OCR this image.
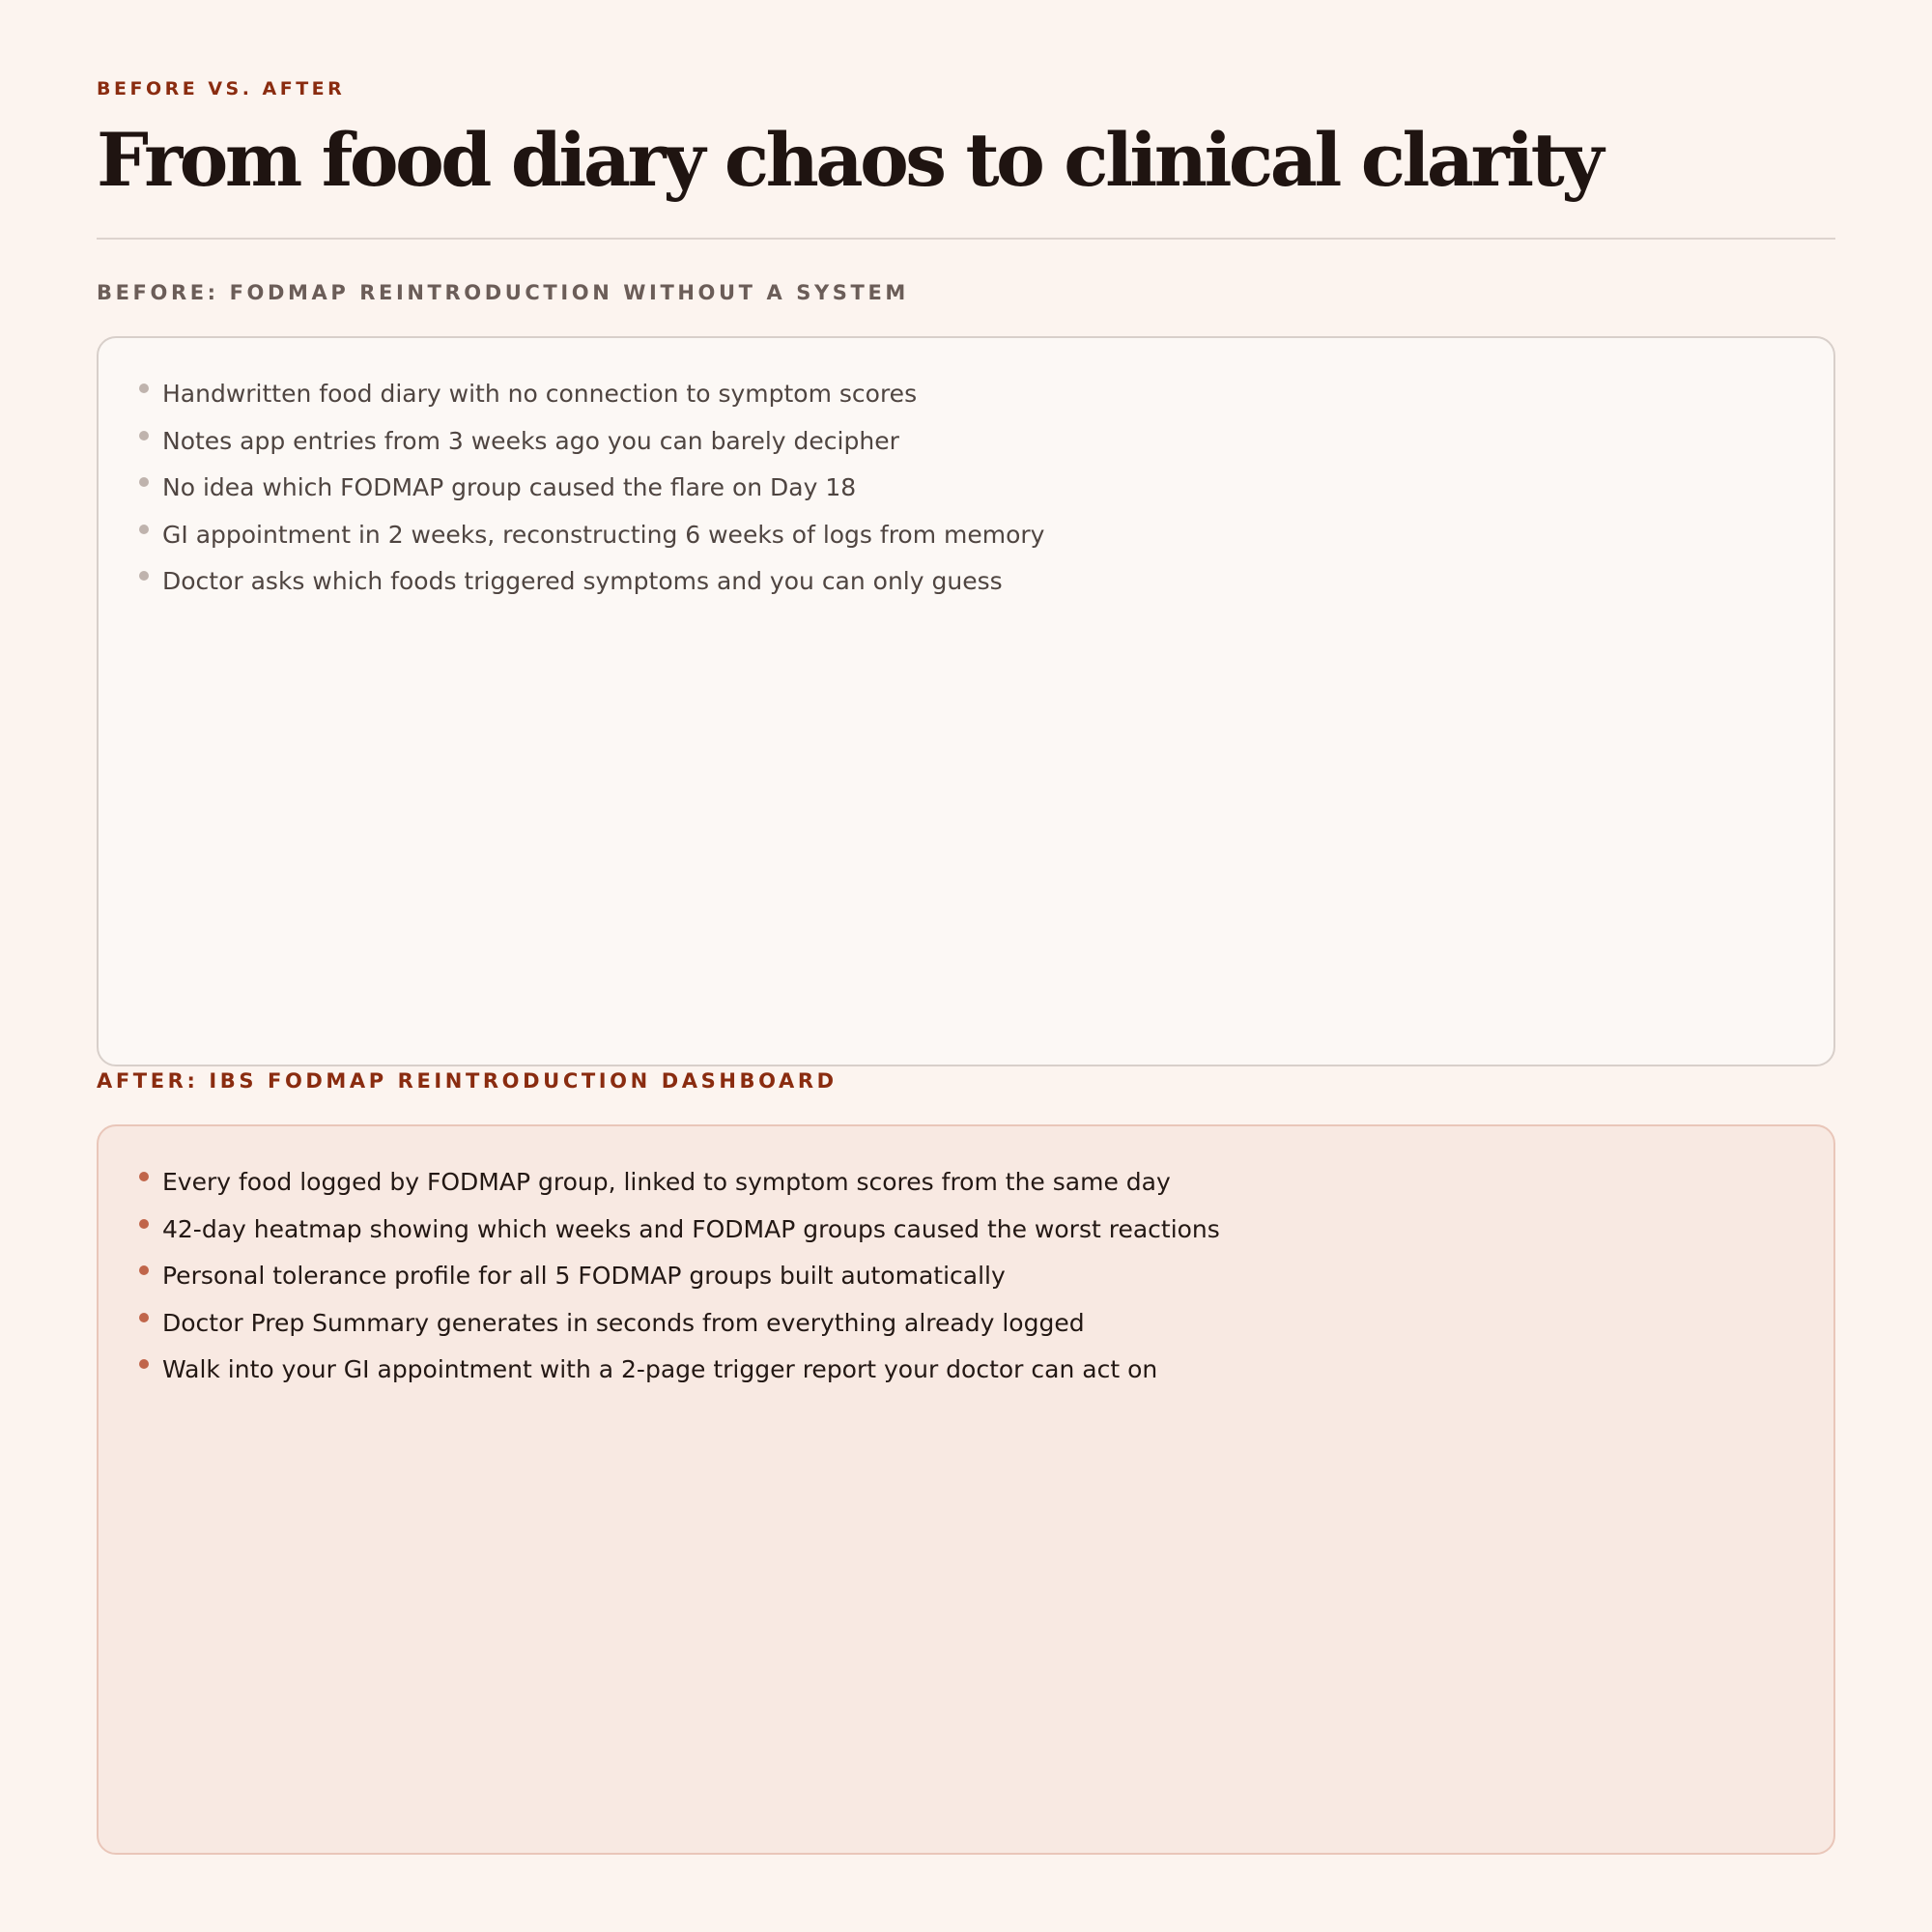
BEFORE VS. AFTER

From food diary chaos to clinical clarity

BEFORE: FODMAP REINTRODUCTION WITHOUT A SYSTEM

Handwritten food diary with no connection to symptom scores
Notes app entries from 3 weeks ago you can barely decipher
No idea which FODMAP group caused the flare on Day 18
GI appointment in 2 weeks, reconstructing 6 weeks of logs from memory
Doctor asks which foods triggered symptoms and you can only guess

AFTER: IBS FODMAP REINTRODUCTION DASHBOARD

Every food logged by FODMAP group, linked to symptom scores from the same day
42-day heatmap showing which weeks and FODMAP groups caused the worst reactions
Personal tolerance profile for all 5 FODMAP groups built automatically
Doctor Prep Summary generates in seconds from everything already logged
Walk into your GI appointment with a 2-page trigger report your doctor can act on
